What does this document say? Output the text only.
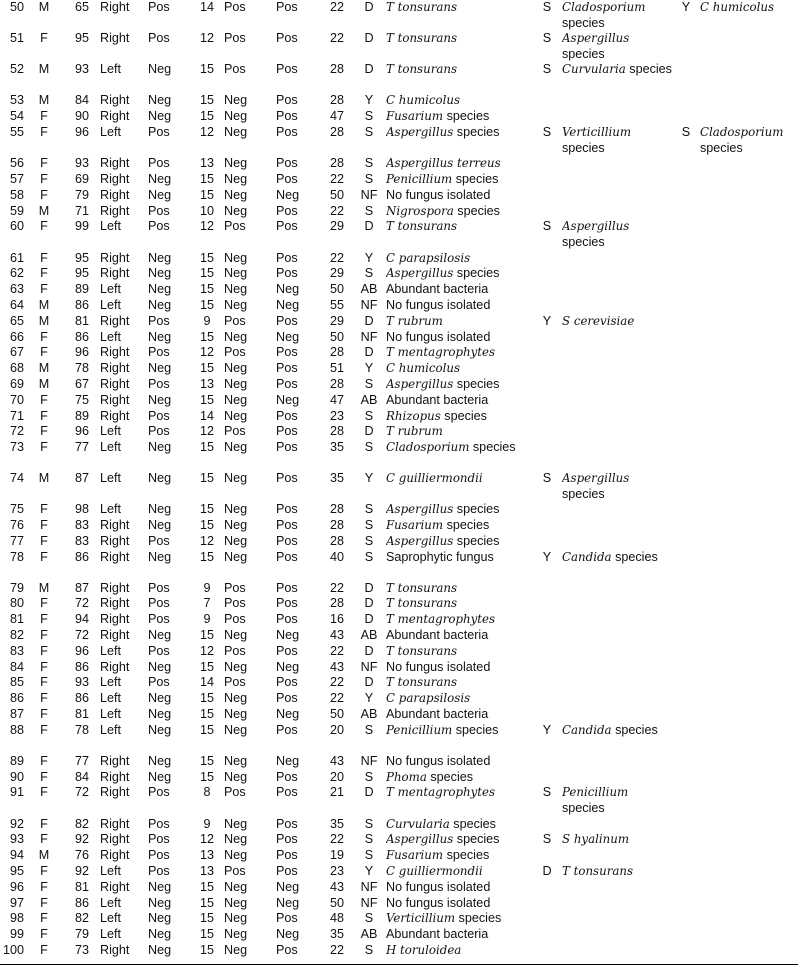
50	M	65	Right	Pos	14	Pos	Pos	22	D	T tonsurans	S	Cladosporium species	Y	C humicolus
51	F	95	Right	Pos	12	Pos	Pos	22	D	T tonsurans	S	Aspergillus species		
52	M	93	Left	Neg	15	Pos	Pos	28	D	T tonsurans	S	Curvularia species		
53	M	84	Right	Neg	15	Neg	Pos	28	Y	C humicolus				
54	F	90	Right	Neg	15	Neg	Pos	47	S	Fusarium species				
55	F	96	Left	Pos	12	Neg	Pos	28	S	Aspergillus species	S	Verticillium species	S	Cladosporium species
56	F	93	Right	Pos	13	Neg	Pos	28	S	Aspergillus terreus				
57	F	69	Right	Neg	15	Neg	Pos	22	S	Penicillium species				
58	F	79	Right	Neg	15	Neg	Neg	50	NF	No fungus isolated				
59	M	71	Right	Pos	10	Neg	Pos	22	S	Nigrospora species				
60	F	99	Left	Pos	12	Pos	Pos	29	D	T tonsurans	S	Aspergillus species		
61	F	95	Right	Neg	15	Neg	Pos	22	Y	C parapsilosis				
62	F	95	Right	Neg	15	Neg	Pos	29	S	Aspergillus species				
63	F	89	Left	Neg	15	Neg	Neg	50	AB	Abundant bacteria				
64	M	86	Left	Neg	15	Neg	Neg	55	NF	No fungus isolated				
65	M	81	Right	Pos	9	Pos	Pos	29	D	T rubrum	Y	S cerevisiae		
66	F	86	Left	Neg	15	Neg	Neg	50	NF	No fungus isolated				
67	F	96	Right	Pos	12	Pos	Pos	28	D	T mentagrophytes				
68	M	78	Right	Neg	15	Neg	Pos	51	Y	C humicolus				
69	M	67	Right	Pos	13	Neg	Pos	28	S	Aspergillus species				
70	F	75	Right	Neg	15	Neg	Neg	47	AB	Abundant bacteria				
71	F	89	Right	Pos	14	Neg	Pos	23	S	Rhizopus species				
72	F	96	Left	Pos	12	Pos	Pos	28	D	T rubrum				
73	F	77	Left	Neg	15	Neg	Pos	35	S	Cladosporium species				
74	M	87	Left	Neg	15	Neg	Pos	35	Y	C guilliermondii	S	Aspergillus species		
75	F	98	Left	Neg	15	Neg	Pos	28	S	Aspergillus species				
76	F	83	Right	Neg	15	Neg	Pos	28	S	Fusarium species				
77	F	83	Right	Pos	12	Neg	Pos	28	S	Aspergillus species				
78	F	86	Right	Neg	15	Neg	Pos	40	S	Saprophytic fungus	Y	Candida species		
79	M	87	Right	Pos	9	Pos	Pos	22	D	T tonsurans				
80	F	72	Right	Pos	7	Pos	Pos	28	D	T tonsurans				
81	F	94	Right	Pos	9	Pos	Pos	16	D	T mentagrophytes				
82	F	72	Right	Neg	15	Neg	Neg	43	AB	Abundant bacteria				
83	F	96	Left	Pos	12	Pos	Pos	22	D	T tonsurans				
84	F	86	Right	Neg	15	Neg	Neg	43	NF	No fungus isolated				
85	F	93	Left	Pos	14	Pos	Pos	22	D	T tonsurans				
86	F	86	Left	Neg	15	Neg	Pos	22	Y	C parapsilosis				
87	F	81	Left	Neg	15	Neg	Neg	50	AB	Abundant bacteria				
88	F	78	Left	Neg	15	Neg	Pos	20	S	Penicillium species	Y	Candida species		
89	F	77	Right	Neg	15	Neg	Neg	43	NF	No fungus isolated				
90	F	84	Right	Neg	15	Neg	Pos	20	S	Phoma species				
91	F	72	Right	Pos	8	Pos	Pos	21	D	T mentagrophytes	S	Penicillium species		
92	F	82	Right	Pos	9	Neg	Pos	35	S	Curvularia species				
93	F	92	Right	Pos	12	Neg	Pos	22	S	Aspergillus species	S	S hyalinum		
94	M	76	Right	Pos	13	Neg	Pos	19	S	Fusarium species				
95	F	92	Left	Pos	13	Pos	Pos	23	Y	C guilliermondii	D	T tonsurans		
96	F	81	Right	Neg	15	Neg	Neg	43	NF	No fungus isolated				
97	F	86	Left	Neg	15	Neg	Neg	50	NF	No fungus isolated				
98	F	82	Left	Neg	15	Neg	Pos	48	S	Verticillium species				
99	F	79	Left	Neg	15	Neg	Neg	35	AB	Abundant bacteria				
100	F	73	Right	Neg	15	Neg	Pos	22	S	H toruloidea				
